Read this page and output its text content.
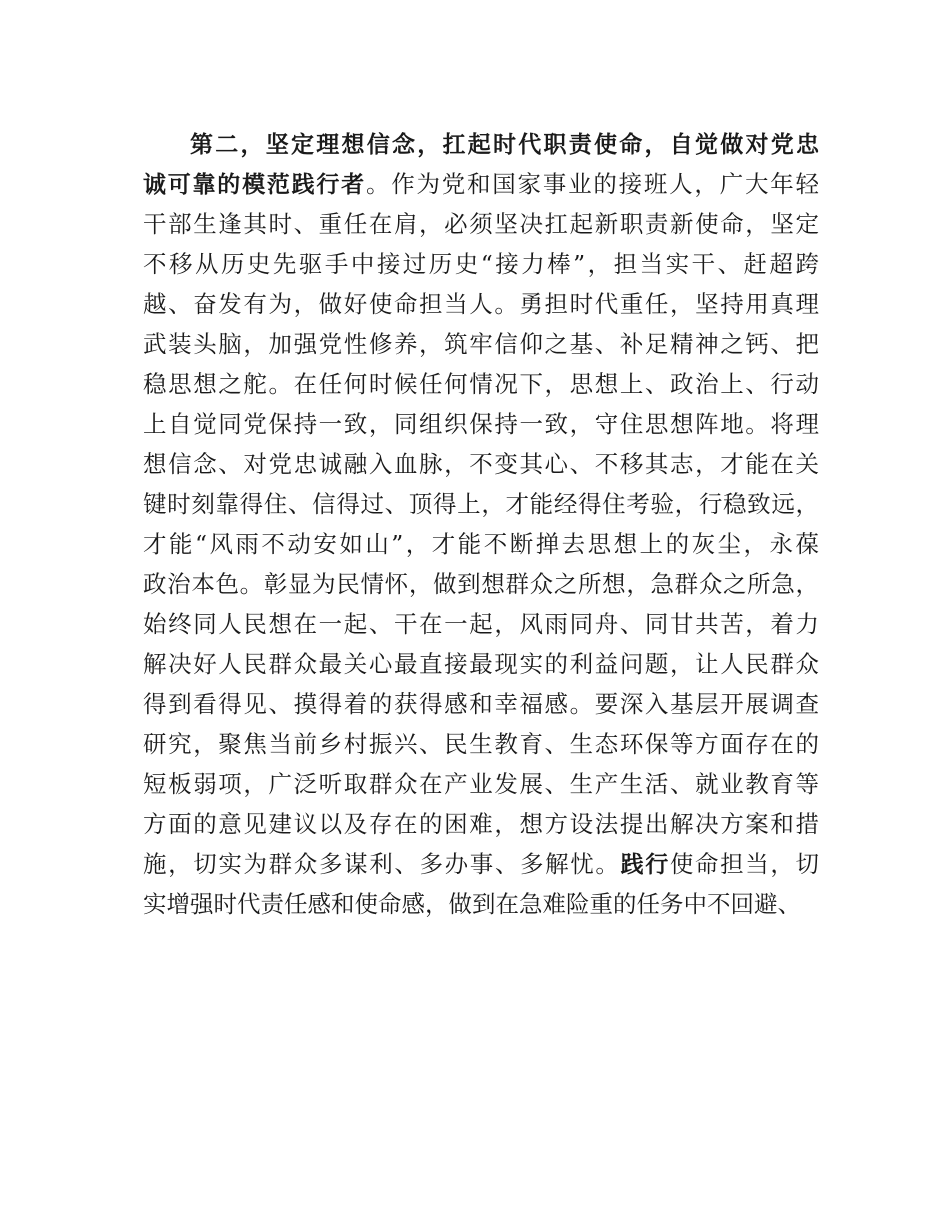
第二，坚定理想信念，扛起时代职责使命，自觉做对党忠
诚可靠的模范践行者。作为党和国家事业的接班人，广大年轻
干部生逢其时、重任在肩，必须坚决扛起新职责新使命，坚定
不移从历史先驱手中接过历史“接力棒”，担当实干、赶超跨
越、奋发有为，做好使命担当人。勇担时代重任，坚持用真理
武装头脑，加强党性修养，筑牢信仰之基、补足精神之钙、把
稳思想之舵。在任何时候任何情况下，思想上、政治上、行动
上自觉同党保持一致，同组织保持一致，守住思想阵地。将理
想信念、对党忠诚融入血脉，不变其心、不移其志，才能在关
键时刻靠得住、信得过、顶得上，才能经得住考验，行稳致远，
才能“风雨不动安如山”，才能不断掸去思想上的灰尘，永葆
政治本色。彰显为民情怀，做到想群众之所想，急群众之所急，
始终同人民想在一起、干在一起，风雨同舟、同甘共苦，着力
解决好人民群众最关心最直接最现实的利益问题，让人民群众
得到看得见、摸得着的获得感和幸福感。要深入基层开展调查
研究，聚焦当前乡村振兴、民生教育、生态环保等方面存在的
短板弱项，广泛听取群众在产业发展、生产生活、就业教育等
方面的意见建议以及存在的困难，想方设法提出解决方案和措
施，切实为群众多谋利、多办事、多解忧。践行使命担当，切
实增强时代责任感和使命感，做到在急难险重的任务中不回避、
